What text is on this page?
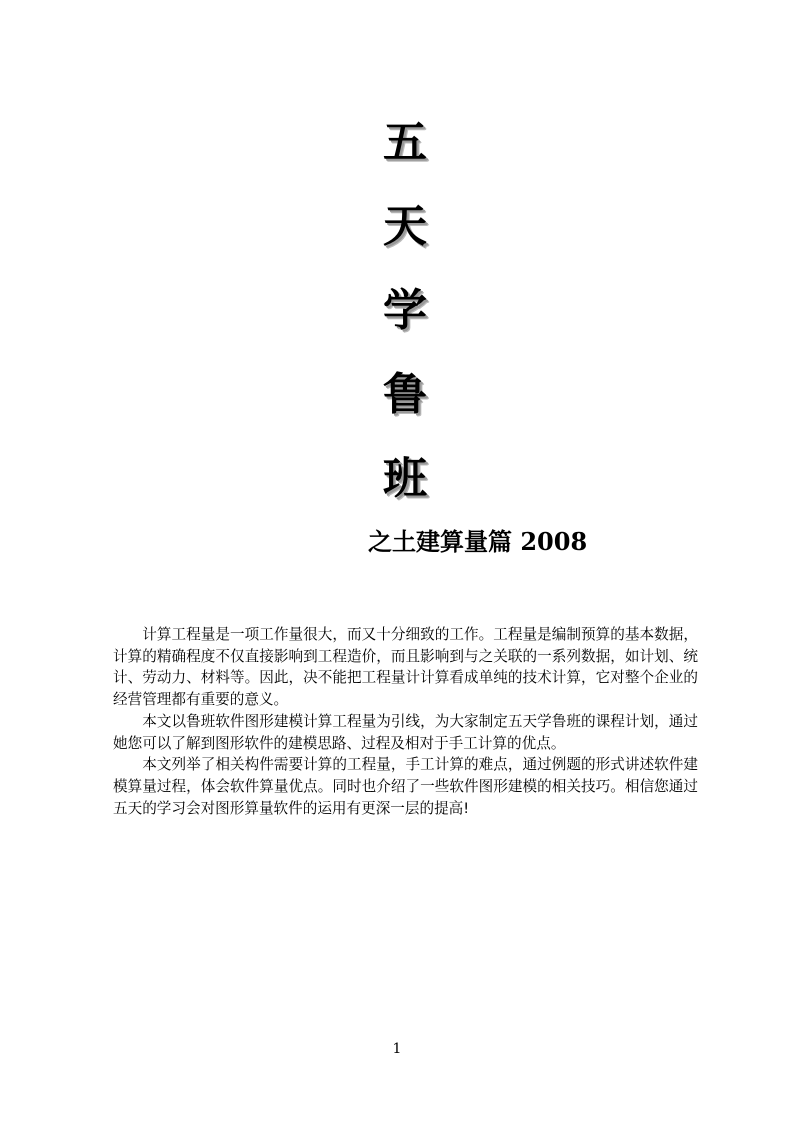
五
天
学
鲁
班
之土建算量篇 2008

计算工程量是一项工作量很大，而又十分细致的工作。工程量是编制预算的基本数据，计算的精确程度不仅直接影响到工程造价，而且影响到与之关联的一系列数据，如计划、统计、劳动力、材料等。因此，决不能把工程量计计算看成单纯的技术计算，它对整个企业的经营管理都有重要的意义。

本文以鲁班软件图形建模计算工程量为引线，为大家制定五天学鲁班的课程计划，通过她您可以了解到图形软件的建模思路、过程及相对于手工计算的优点。

本文列举了相关构件需要计算的工程量，手工计算的难点，通过例题的形式讲述软件建模算量过程，体会软件算量优点。同时也介绍了一些软件图形建模的相关技巧。相信您通过五天的学习会对图形算量软件的运用有更深一层的提高!

1
